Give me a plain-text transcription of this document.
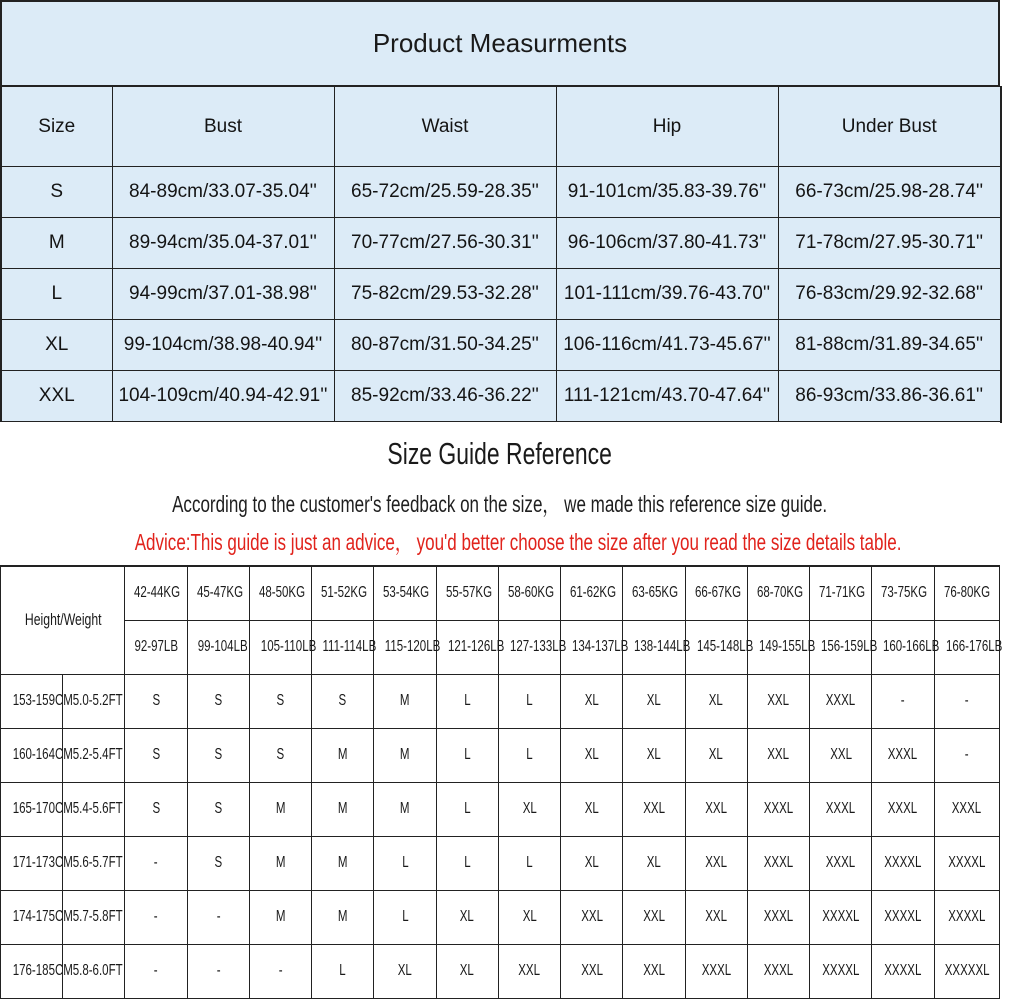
Product Measurments
Size	Bust	Waist	Hip	Under Bust
S	84-89cm/33.07-35.04''	65-72cm/25.59-28.35''	91-101cm/35.83-39.76''	66-73cm/25.98-28.74''
M	89-94cm/35.04-37.01''	70-77cm/27.56-30.31''	96-106cm/37.80-41.73''	71-78cm/27.95-30.71''
L	94-99cm/37.01-38.98''	75-82cm/29.53-32.28''	101-111cm/39.76-43.70''	76-83cm/29.92-32.68''
XL	99-104cm/38.98-40.94''	80-87cm/31.50-34.25''	106-116cm/41.73-45.67''	81-88cm/31.89-34.65''
XXL	104-109cm/40.94-42.91''	85-92cm/33.46-36.22''	111-121cm/43.70-47.64''	86-93cm/33.86-36.61''
Size Guide Reference
According to the customer's feedback on the size， we made this reference size guide.
Advice:This guide is just an advice， you'd better choose the size after you read the size details table.
Height/Weight		42-44KG	45-47KG	48-50KG	51-52KG	53-54KG	55-57KG	58-60KG	61-62KG	63-65KG	66-67KG	68-70KG	71-71KG	73-75KG	76-80KG
		92-97LB	99-104LB	105-110LB	111-114LB	115-120LB	121-126LB	127-133LB	134-137LB	138-144LB	145-148LB	149-155LB	156-159LB	160-166LB	166-176LB
153-159CM	5.0-5.2FT	S	S	S	S	M	L	L	XL	XL	XL	XXL	XXXL	-	-
160-164CM	5.2-5.4FT	S	S	S	M	M	L	L	XL	XL	XL	XXL	XXL	XXXL	-
165-170CM	5.4-5.6FT	S	S	M	M	M	L	XL	XL	XXL	XXL	XXXL	XXXL	XXXL	XXXL
171-173CM	5.6-5.7FT	-	S	M	M	L	L	L	XL	XL	XXL	XXXL	XXXL	XXXXL	XXXXL
174-175CM	5.7-5.8FT	-	-	M	M	L	XL	XL	XXL	XXL	XXL	XXXL	XXXXL	XXXXL	XXXXL
176-185CM	5.8-6.0FT	-	-	-	L	XL	XL	XXL	XXL	XXL	XXXL	XXXL	XXXXL	XXXXL	XXXXXL
